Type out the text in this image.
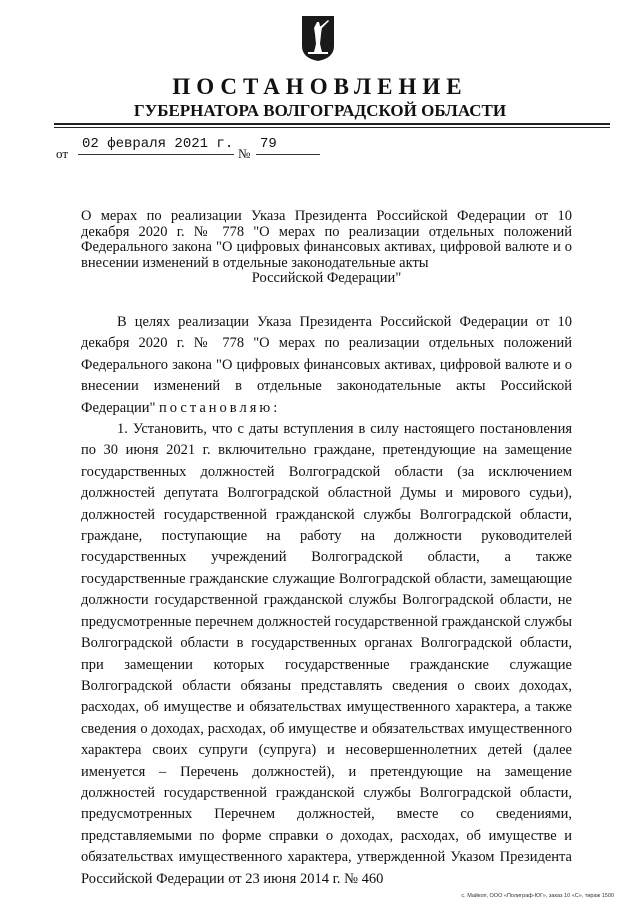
ПОСТАНОВЛЕНИЕ
ГУБЕРНАТОРА ВОЛГОГРАДСКОЙ ОБЛАСТИ
от
02 февраля 2021 г.
№
79
О мерах по реализации Указа Президента Российской Федерации от 10 декабря 2020 г. № 778 "О мерах по реализации отдельных положений Федерального закона "О цифровых финансовых активах, цифровой валюте и о внесении изменений в отдельные законодательные акты
Российской Федерации"

В целях реализации Указа Президента Российской Федерации от 10 декабря 2020 г. № 778 "О мерах по реализации отдельных положений Федерального закона "О цифровых финансовых активах, цифровой валюте и о внесении изменений в отдельные законодательные акты Российской Федерации" постановляю:

1. Установить, что с даты вступления в силу настоящего постановления по 30 июня 2021 г. включительно граждане, претендующие на замещение государственных должностей Волгоградской области (за исключением должностей депутата Волгоградской областной Думы и мирового судьи), должностей государственной гражданской службы Волгоградской области, граждане, поступающие на работу на должности руководителей государственных учреждений Волгоградской области, а также государственные гражданские служащие Волгоградской области, замещающие должности государственной гражданской службы Волгоградской области, не предусмотренные перечнем должностей государственной гражданской службы Волгоградской области в государственных органах Волгоградской области, при замещении которых государственные гражданские служащие Волгоградской области обязаны представлять сведения о своих доходах, расходах, об имуществе и обязательствах имущественного характера, а также сведения о доходах, расходах, об имуществе и обязательствах имущественного характера своих супруги (супруга) и несовершеннолетних детей (далее именуется – Перечень должностей), и претендующие на замещение должностей государственной гражданской службы Волгоградской области, предусмотренных Перечнем должностей, вместе со сведениями, представляемыми по форме справки о доходах, расходах, об имуществе и обязательствах имущественного характера, утвержденной Указом Президента Российской Федерации от 23 июня 2014 г. № 460

с. Майкоп, ООО «Полиграф-ЮГ», заказ 10 «С», тираж 1500
